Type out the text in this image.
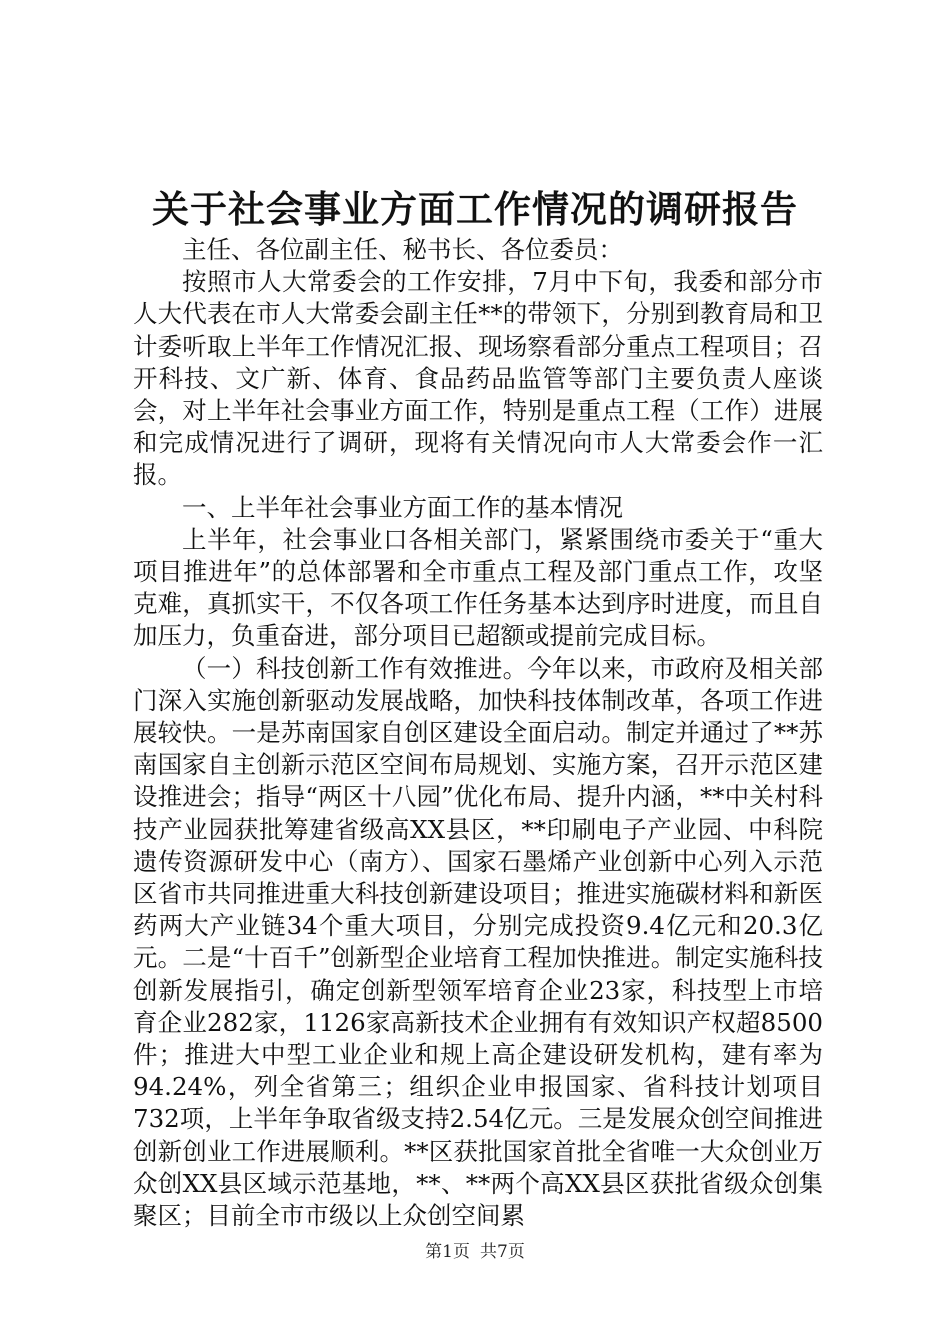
关于社会事业方面工作情况的调研报告

主任、各位副主任、秘书长、各位委员：

按照市人大常委会的工作安排，7月中下旬，我委和部分市人大代表在市人大常委会副主任**的带领下，分别到教育局和卫计委听取上半年工作情况汇报、现场察看部分重点工程项目；召开科技、文广新、体育、食品药品监管等部门主要负责人座谈会，对上半年社会事业方面工作，特别是重点工程（工作）进展和完成情况进行了调研，现将有关情况向市人大常委会作一汇报。

一、上半年社会事业方面工作的基本情况

上半年，社会事业口各相关部门，紧紧围绕市委关于“重大项目推进年”的总体部署和全市重点工程及部门重点工作，攻坚克难，真抓实干，不仅各项工作任务基本达到序时进度，而且自加压力，负重奋进，部分项目已超额或提前完成目标。

（一）科技创新工作有效推进。今年以来，市政府及相关部门深入实施创新驱动发展战略，加快科技体制改革，各项工作进展较快。一是苏南国家自创区建设全面启动。制定并通过了**苏南国家自主创新示范区空间布局规划、实施方案，召开示范区建设推进会；指导“两区十八园”优化布局、提升内涵，**中关村科技产业园获批筹建省级高XX县区，**印刷电子产业园、中科院遗传资源研发中心（南方）、国家石墨烯产业创新中心列入示范区省市共同推进重大科技创新建设项目；推进实施碳材料和新医药两大产业链34个重大项目，分别完成投资9.4亿元和20.3亿元。二是“十百千”创新型企业培育工程加快推进。制定实施科技创新发展指引，确定创新型领军培育企业23家，科技型上市培育企业282家，1126家高新技术企业拥有有效知识产权超8500件；推进大中型工业企业和规上高企建设研发机构，建有率为94.24%，列全省第三；组织企业申报国家、省科技计划项目732项，上半年争取省级支持2.54亿元。三是发展众创空间推进创新创业工作进展顺利。**区获批国家首批全省唯一大众创业万众创XX县区域示范基地，**、**两个高XX县区获批省级众创集聚区；目前全市市级以上众创空间累

第1页 共7页
